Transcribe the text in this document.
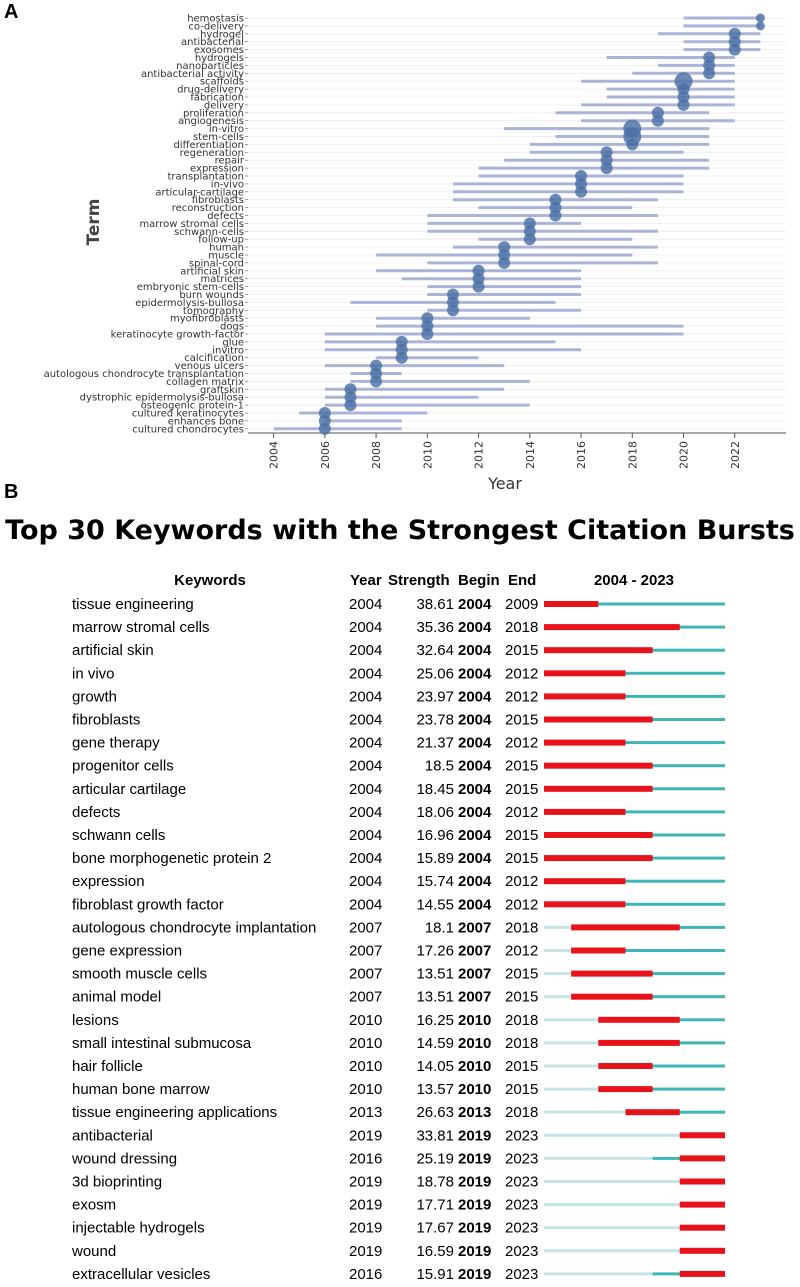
A
Term
Year
hemostasis
co-delivery
hydrogel
antibacterial
exosomes
hydrogels
nanoparticles
antibacterial activity
scaffolds
drug-delivery
fabrication
delivery
proliferation
angiogenesis
in-vitro
stem-cells
differentiation
regeneration
repair
expression
transplantation
in-vivo
articular-cartilage
fibroblasts
reconstruction
defects
marrow stromal cells
schwann-cells
follow-up
human
muscle
spinal-cord
artificial skin
matrices
embryonic stem-cells
burn wounds
epidermolysis-bullosa
tomography
myofibroblasts
dogs
keratinocyte growth-factor
glue
invitro
calcification
venous ulcers
autologous chondrocyte transplantation
collagen matrix
graftskin
dystrophic epidermolysis-bullosa
osteogenic protein-1
cultured keratinocytes
enhances bone
cultured chondrocytes
2004	2006	2008	2010	2012	2014	2016	2018	2020	2022
B
Top 30 Keywords with the Strongest Citation Bursts
Keywords	Year Strength Begin End	2004 - 2023
tissue engineering	2004 38.61 2004 2009
marrow stromal cells	2004 35.36 2004 2018
artificial skin	2004 32.64 2004 2015
in vivo	2004 25.06 2004 2012
growth	2004 23.97 2004 2012
fibroblasts	2004 23.78 2004 2015
gene therapy	2004 21.37 2004 2012
progenitor cells	2004	18.5 2004 2015
articular cartilage	2004 18.45 2004 2015
defects	2004 18.06 2004 2012
schwann cells	2004 16.96 2004 2015
bone morphogenetic protein 2	2004 15.89 2004 2015
expression	2004 15.74 2004 2012
fibroblast growth factor	2004 14.55 2004 2012
autologous chondrocyte implantation 2007	18.1 2007 2018
gene expression	2007 17.26 2007 2012
smooth muscle cells	2007 13.51 2007 2015
animal model	2007 13.51 2007 2015
lesions	2010 16.25 2010 2018
small intestinal submucosa	2010 14.59 2010 2018
hair follicle	2010 14.05 2010 2015
human bone marrow	2010 13.57 2010 2015
tissue engineering applications	2013 26.63 2013 2018
antibacterial	2019 33.81 2019 2023
wound dressing	2016 25.19 2019 2023
3d bioprinting	2019 18.78 2019 2023
exosm	2019 17.71 2019 2023
injectable hydrogels	2019 17.67 2019 2023
wound	2019 16.59 2019 2023
extracellular vesicles	2016 15.91 2019 2023
